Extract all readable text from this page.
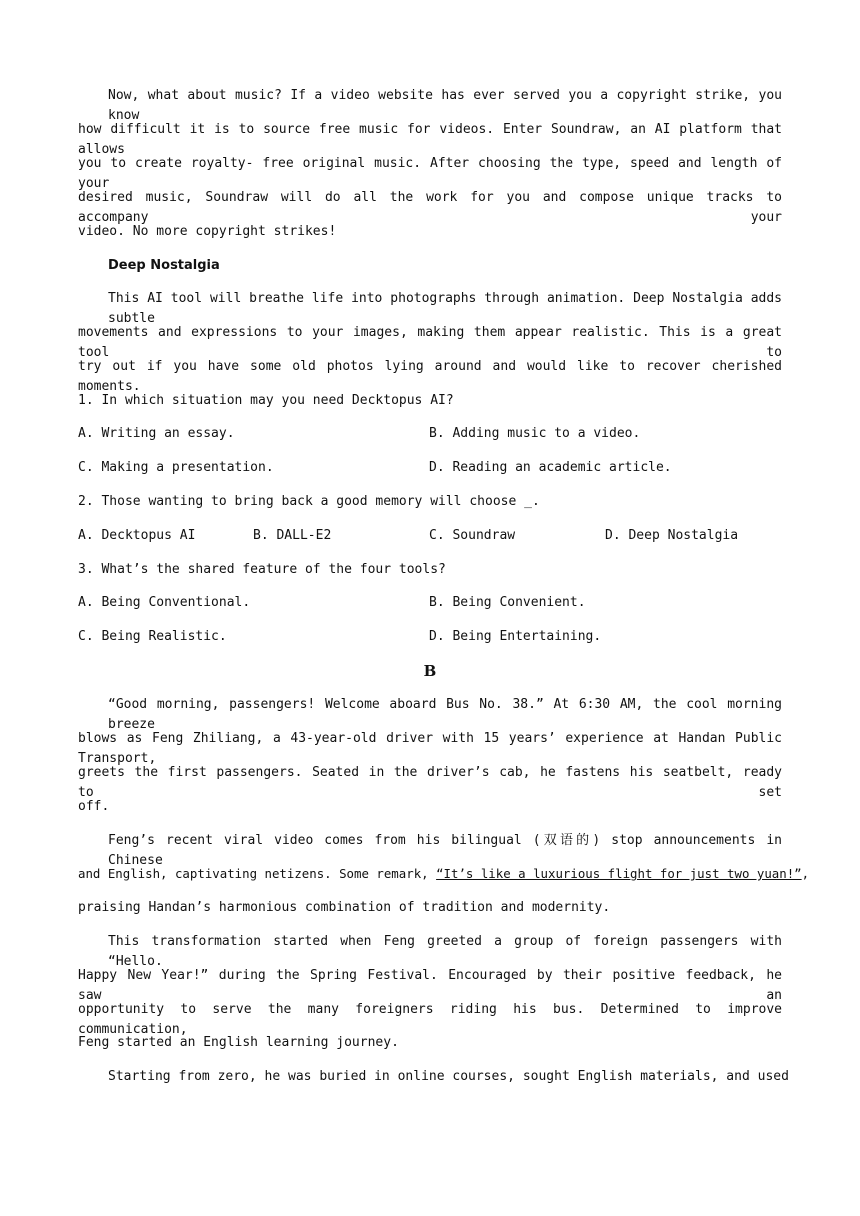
Now, what about music? If a video website has ever served you a copyright strike, you know
how difficult it is to source free music for videos. Enter Soundraw, an AI platform that allows
you to create royalty- free original music. After choosing the type, speed and length of your
desired music, Soundraw will do all the work for you and compose unique tracks to accompany your
video. No more copyright strikes!
Deep Nostalgia
This AI tool will breathe life into photographs through animation. Deep Nostalgia adds subtle
movements and expressions to your images, making them appear realistic. This is a great tool to
try out if you have some old photos lying around and would like to recover cherished moments.
1. In which situation may you need Decktopus AI?
A. Writing an essay.	B. Adding music to a video.
C. Making a presentation.	D. Reading an academic article.
2. Those wanting to bring back a good memory will choose _.
A. Decktopus AI	B. DALL-E2	C. Soundraw	D. Deep Nostalgia
3. What’s the shared feature of the four tools?
A. Being Conventional.	B. Being Convenient.
C. Being Realistic.	D. Being Entertaining.
B
“Good morning, passengers! Welcome aboard Bus No. 38.” At 6:30 AM, the cool morning breeze
blows as Feng Zhiliang, a 43-year-old driver with 15 years’ experience at Handan Public Transport,
greets the first passengers. Seated in the driver’s cab, he fastens his seatbelt, ready to set
off.
Feng’s recent viral video comes from his bilingual (双语的) stop announcements in Chinese
and English, captivating netizens. Some remark, “It’s like a luxurious flight for just two yuan!”,
praising Handan’s harmonious combination of tradition and modernity.
This transformation started when Feng greeted a group of foreign passengers with “Hello.
Happy New Year!” during the Spring Festival. Encouraged by their positive feedback, he saw an
opportunity to serve the many foreigners riding his bus. Determined to improve communication,
Feng started an English learning journey.
Starting from zero, he was buried in online courses, sought English materials, and used
